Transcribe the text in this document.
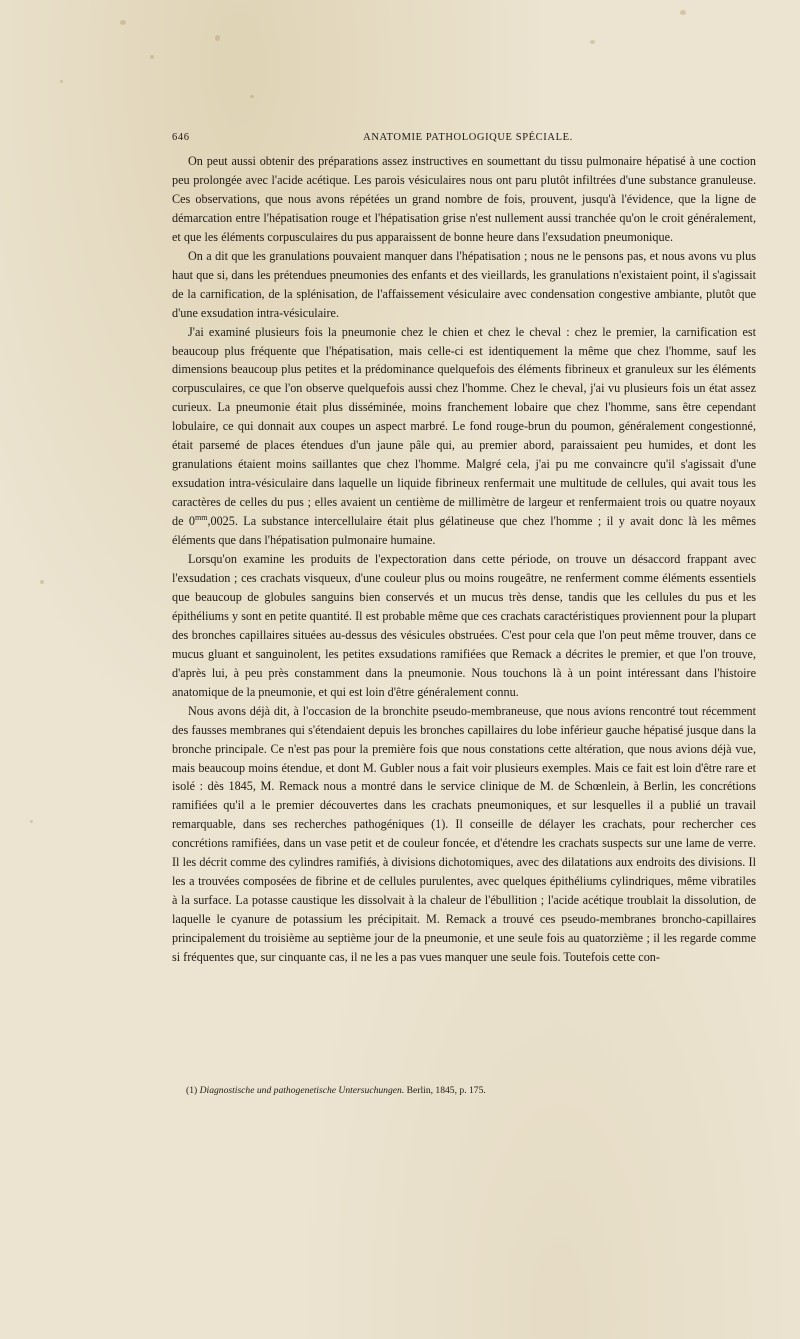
646	ANATOMIE PATHOLOGIQUE SPÉCIALE.

On peut aussi obtenir des préparations assez instructives en soumettant du tissu pulmonaire hépatisé à une coction peu prolongée avec l'acide acétique. Les parois vésiculaires nous ont paru plutôt infiltrées d'une substance granuleuse. Ces observations, que nous avons répétées un grand nombre de fois, prouvent, jusqu'à l'évidence, que la ligne de démarcation entre l'hépatisation rouge et l'hépatisation grise n'est nullement aussi tranchée qu'on le croit généralement, et que les éléments corpusculaires du pus apparaissent de bonne heure dans l'exsudation pneumonique.

On a dit que les granulations pouvaient manquer dans l'hépatisation ; nous ne le pensons pas, et nous avons vu plus haut que si, dans les prétendues pneumonies des enfants et des vieillards, les granulations n'existaient point, il s'agissait de la carnification, de la splénisation, de l'affaissement vésiculaire avec condensation congestive ambiante, plutôt que d'une exsudation intra-vésiculaire.

J'ai examiné plusieurs fois la pneumonie chez le chien et chez le cheval : chez le premier, la carnification est beaucoup plus fréquente que l'hépatisation, mais celle-ci est identiquement la même que chez l'homme, sauf les dimensions beaucoup plus petites et la prédominance quelquefois des éléments fibrineux et granuleux sur les éléments corpusculaires, ce que l'on observe quelquefois aussi chez l'homme. Chez le cheval, j'ai vu plusieurs fois un état assez curieux. La pneumonie était plus disséminée, moins franchement lobaire que chez l'homme, sans être cependant lobulaire, ce qui donnait aux coupes un aspect marbré. Le fond rouge-brun du poumon, généralement congestionné, était parsemé de places étendues d'un jaune pâle qui, au premier abord, paraissaient peu humides, et dont les granulations étaient moins saillantes que chez l'homme. Malgré cela, j'ai pu me convaincre qu'il s'agissait d'une exsudation intra-vésiculaire dans laquelle un liquide fibrineux renfermait une multitude de cellules, qui avait tous les caractères de celles du pus ; elles avaient un centième de millimètre de largeur et renfermaient trois ou quatre noyaux de $0^{mm},0025$. La substance intercellulaire était plus gélatineuse que chez l'homme ; il y avait donc là les mêmes éléments que dans l'hépatisation pulmonaire humaine.

Lorsqu'on examine les produits de l'expectoration dans cette période, on trouve un désaccord frappant avec l'exsudation ; ces crachats visqueux, d'une couleur plus ou moins rougeâtre, ne renferment comme éléments essentiels que beaucoup de globules sanguins bien conservés et un mucus très dense, tandis que les cellules du pus et les épithéliums y sont en petite quantité. Il est probable même que ces crachats caractéristiques proviennent pour la plupart des bronches capillaires situées au-dessus des vésicules obstruées. C'est pour cela que l'on peut même trouver, dans ce mucus gluant et sanguinolent, les petites exsudations ramifiées que Remack a décrites le premier, et que l'on trouve, d'après lui, à peu près constamment dans la pneumonie. Nous touchons là à un point intéressant dans l'histoire anatomique de la pneumonie, et qui est loin d'être généralement connu.

Nous avons déjà dit, à l'occasion de la bronchite pseudo-membraneuse, que nous avions rencontré tout récemment des fausses membranes qui s'étendaient depuis les bronches capillaires du lobe inférieur gauche hépatisé jusque dans la bronche principale. Ce n'est pas pour la première fois que nous constations cette altération, que nous avions déjà vue, mais beaucoup moins étendue, et dont M. Gubler nous a fait voir plusieurs exemples. Mais ce fait est loin d'être rare et isolé : dès 1845, M. Remack nous a montré dans le service clinique de M. de Schœnlein, à Berlin, les concrétions ramifiées qu'il a le premier découvertes dans les crachats pneumoniques, et sur lesquelles il a publié un travail remarquable, dans ses recherches pathogéniques (1). Il conseille de délayer les crachats, pour rechercher ces concrétions ramifiées, dans un vase petit et de couleur foncée, et d'étendre les crachats suspects sur une lame de verre. Il les décrit comme des cylindres ramifiés, à divisions dichotomiques, avec des dilatations aux endroits des divisions. Il les a trouvées composées de fibrine et de cellules purulentes, avec quelques épithéliums cylindriques, même vibratiles à la surface. La potasse caustique les dissolvait à la chaleur de l'ébullition ; l'acide acétique troublait la dissolution, de laquelle le cyanure de potassium les précipitait. M. Remack a trouvé ces pseudo-membranes broncho-capillaires principalement du troisième au septième jour de la pneumonie, et une seule fois au quatorzième ; il les regarde comme si fréquentes que, sur cinquante cas, il ne les a pas vues manquer une seule fois. Toutefois cette con-

(1) Diagnostische und pathogenetische Untersuchungen. Berlin, 1845, p. 175.
